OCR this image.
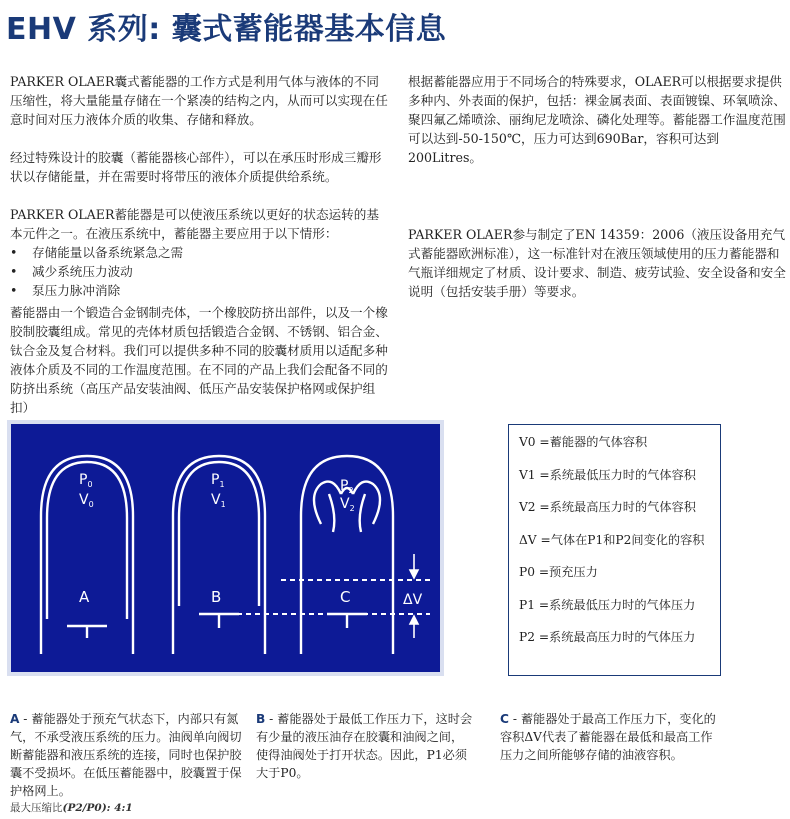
EHV 系列: 囊式蓄能器基本信息

PARKER OLAER囊式蓄能器的工作方式是利用气体与液体的不同压缩性，将大量能量存储在一个紧凑的结构之内，从而可以实现在任意时间对压力液体介质的收集、存储和释放。

经过特殊设计的胶囊（蓄能器核心部件），可以在承压时形成三瓣形状以存储能量，并在需要时将带压的液体介质提供给系统。

PARKER OLAER蓄能器是可以使液压系统以更好的状态运转的基本元件之一。在液压系统中，蓄能器主要应用于以下情形：

• 存储能量以备系统紧急之需
• 减少系统压力波动
• 泵压力脉冲消除

蓄能器由一个锻造合金钢制壳体，一个橡胶防挤出部件，以及一个橡胶制胶囊组成。常见的壳体材质包括锻造合金钢、不锈钢、铝合金、钛合金及复合材料。我们可以提供多种不同的胶囊材质用以适配多种液体介质及不同的工作温度范围。在不同的产品上我们会配备不同的防挤出系统（高压产品安装油阀、低压产品安装保护格网或保护组扣）

根据蓄能器应用于不同场合的特殊要求，OLAER可以根据要求提供多种内、外表面的保护，包括：裸金属表面、表面镀镍、环氧喷涂、聚四氟乙烯喷涂、丽绚尼龙喷涂、磷化处理等。蓄能器工作温度范围可以达到-50-150℃，压力可达到690Bar，容积可达到200Litres。

PARKER OLAER参与制定了EN 14359：2006（液压设备用充气式蓄能器欧洲标准），这一标准针对在液压领域使用的压力蓄能器和气瓶详细规定了材质、设计要求、制造、疲劳试验、安全设备和安全说明（包括安装手册）等要求。

$P_0$
$V_0$
$P_1$
$V_1$
$P_2$
$V_2$
A	B	C	ΔV
V0 =蓄能器的气体容积
V1 =系统最低压力时的气体容积
V2 =系统最高压力时的气体容积
ΔV =气体在P1和P2间变化的容积
P0 =预充压力
P1 =系统最低压力时的气体压力
P2 =系统最高压力时的气体压力
A - 蓄能器处于预充气状态下，内部只有氮气，不承受液压系统的压力。油阀单向阀切断蓄能器和液压系统的连接，同时也保护胶囊不受损坏。在低压蓄能器中，胶囊置于保护格网上。
B - 蓄能器处于最低工作压力下，这时会有少量的液压油存在胶囊和油阀之间，使得油阀处于打开状态。因此，P1必须大于P0。
C - 蓄能器处于最高工作压力下，变化的容积ΔV代表了蓄能器在最低和最高工作压力之间所能够存储的油液容积。
最大压缩比(P2/P0): 4:1
